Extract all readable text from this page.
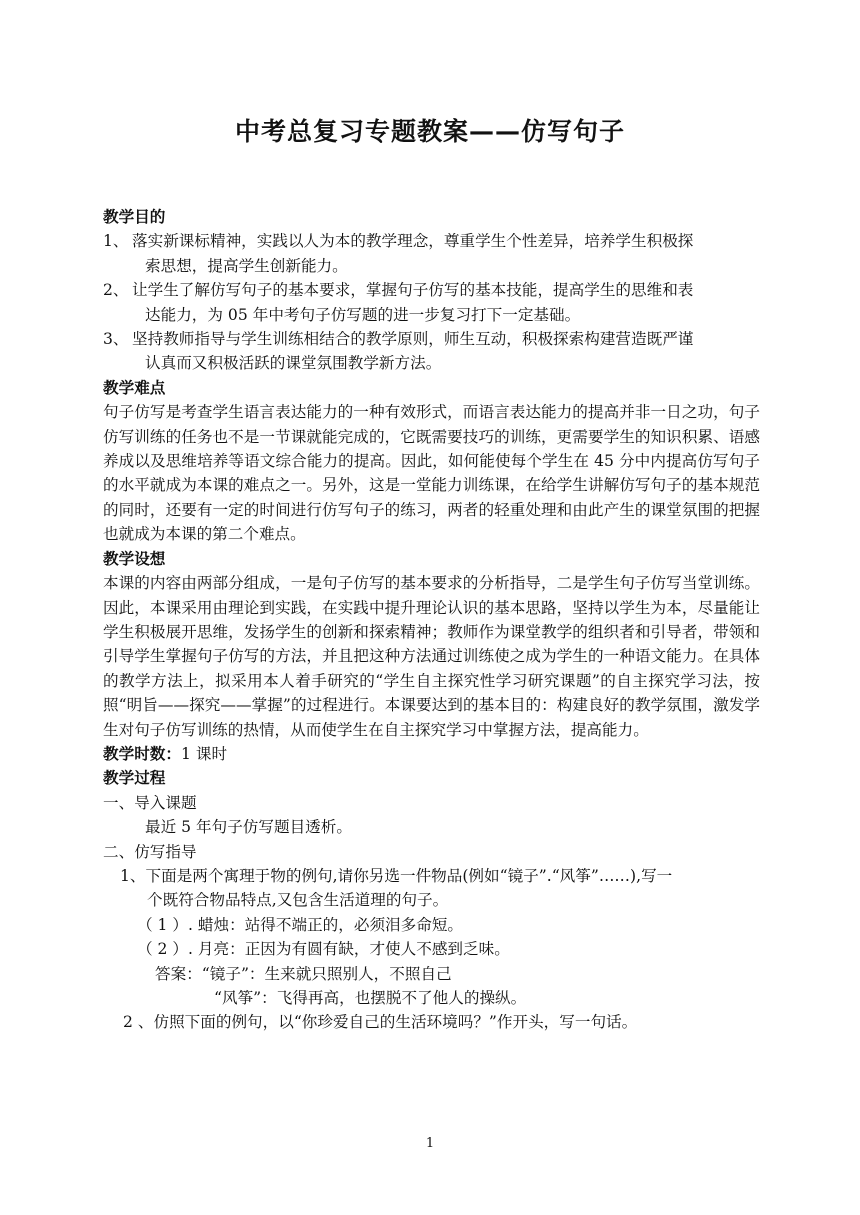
中考总复习专题教案——仿写句子

教学目的

1、 落实新课标精神，实践以人为本的教学理念，尊重学生个性差异，培养学生积极探

索思想，提高学生创新能力。

2、 让学生了解仿写句子的基本要求，掌握句子仿写的基本技能，提高学生的思维和表

达能力，为 05 年中考句子仿写题的进一步复习打下一定基础。

3、 坚持教师指导与学生训练相结合的教学原则，师生互动，积极探索构建营造既严谨

认真而又积极活跃的课堂氛围教学新方法。

教学难点

句子仿写是考查学生语言表达能力的一种有效形式，而语言表达能力的提高并非一日之功，句子仿写训练的任务也不是一节课就能完成的，它既需要技巧的训练，更需要学生的知识积累、语感养成以及思维培养等语文综合能力的提高。因此，如何能使每个学生在 45 分中内提高仿写句子的水平就成为本课的难点之一。另外，这是一堂能力训练课，在给学生讲解仿写句子的基本规范的同时，还要有一定的时间进行仿写句子的练习，两者的轻重处理和由此产生的课堂氛围的把握也就成为本课的第二个难点。

教学设想

本课的内容由两部分组成，一是句子仿写的基本要求的分析指导，二是学生句子仿写当堂训练。因此，本课采用由理论到实践，在实践中提升理论认识的基本思路，坚持以学生为本，尽量能让学生积极展开思维，发扬学生的创新和探索精神；教师作为课堂教学的组织者和引导者，带领和引导学生掌握句子仿写的方法，并且把这种方法通过训练使之成为学生的一种语文能力。在具体的教学方法上，拟采用本人着手研究的“学生自主探究性学习研究课题”的自主探究学习法，按照“明旨——探究——掌握”的过程进行。本课要达到的基本目的：构建良好的教学氛围，激发学生对句子仿写训练的热情，从而使学生在自主探究学习中掌握方法，提高能力。

教学时数：1 课时

教学过程

一、导入课题

最近 5 年句子仿写题目透析。

二、仿写指导

1、下面是两个寓理于物的例句,请你另选一件物品(例如“镜子”.“风筝”……),写一
个既符合物品特点,又包含生活道理的句子。

（ 1 ）. 蜡烛：站得不端正的，必须泪多命短。

（ 2 ）. 月亮：正因为有圆有缺，才使人不感到乏味。

答案：“镜子”：生来就只照别人，不照自己

“风筝”：飞得再高，也摆脱不了他人的操纵。

2 、仿照下面的例句，以“你珍爱自己的生活环境吗？”作开头，写一句话。

1
